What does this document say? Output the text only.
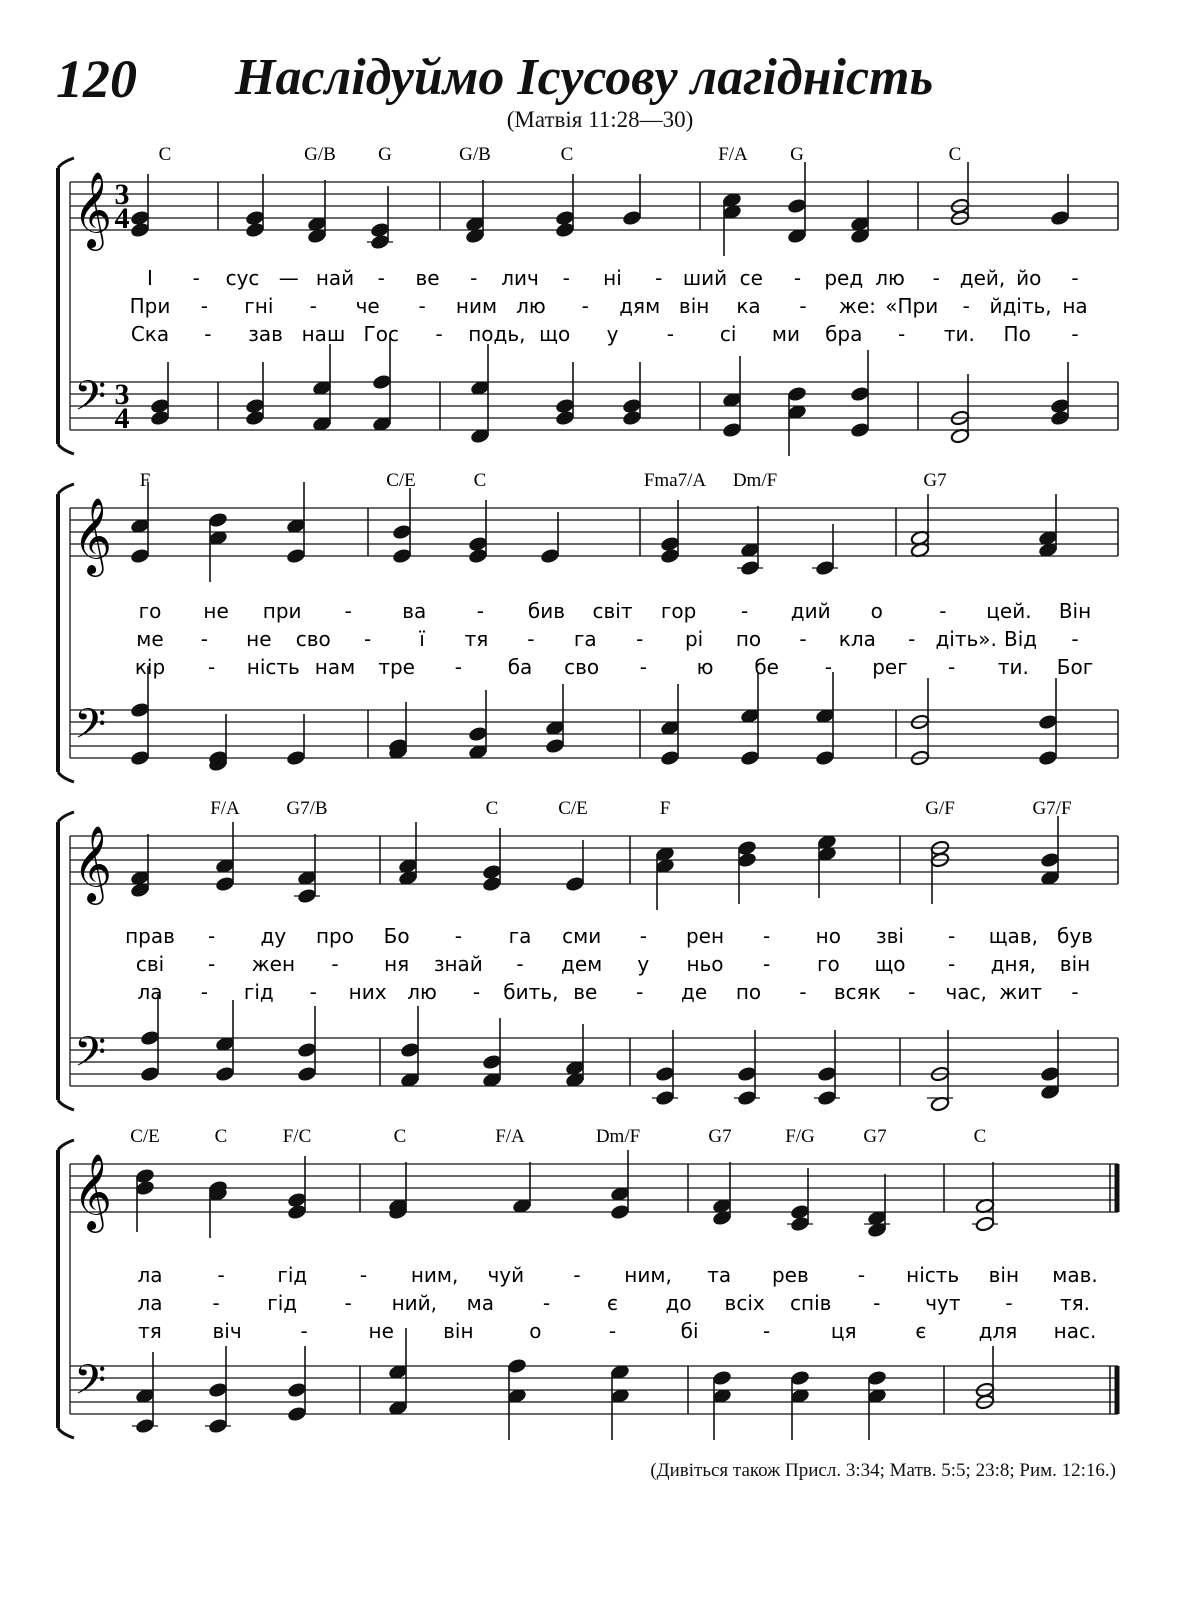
120 Наслідуймо Ісусову лагідність
(Матвія 11:28—30)
𝄞
𝄢
3
4
3
4
C	G/B G	G/B	C	F/A G	C
І - сус — най - ве - лич - ні - ший се - ред лю - дей, йо -
При - гні - че - ним лю - дям він ка - же: «При - йдіть, на
Ска - зав наш Гос - подь, що у - сі ми бра - ти. По -
𝄞
𝄢
F	C/E	C	Fma7/A Dm/F	G7
го не при -	ва	- бив світ гор - дий о	- цей. Він
ме - не сво - ї тя - га - рі по - кла - діть». Від -
кір - ність нам тре - ба сво - ю бе - рег - ти. Бог
𝄞
𝄢
F/A G7/B	C	C/E	F	G/F	G7/F
прав - ду про Бо - га сми - рен - но зві - щав, був
сві - жен - ня знай - дем у ньо - го що - дня, він
ла - гід - них лю - бить, ве - де по - всяк - час, жит -
𝄞
𝄢
C/E	C	F/C	C	F/A	Dm/F	G7	F/G	G7	C
ла	-	гід	- ним, чуй - ним, та рев - ність він мав.
ла - гід - ний, ма -	є до всіх спів - чут - тя.
тя	віч	-	не він	о	-	бі	-	ця	є	для нас.
(Дивіться також Присл. 3:34; Матв. 5:5; 23:8; Рим. 12:16.)
